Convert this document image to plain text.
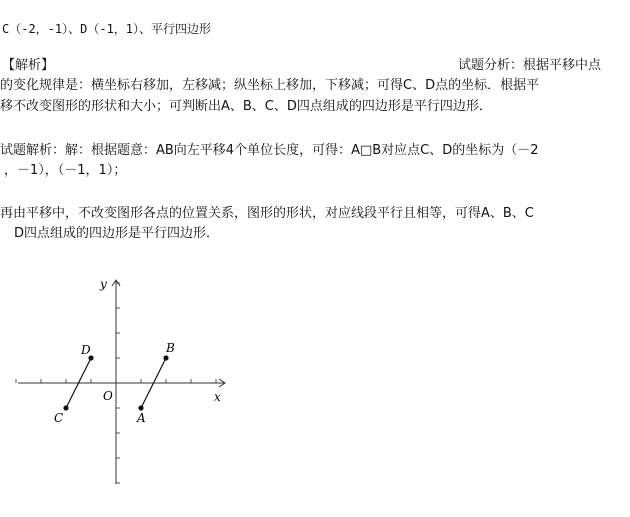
C（-2，-1）、D（-1，1）、平行四边形
【解析】	试题分析：根据平移中点
的变化规律是：横坐标右移加，左移减；纵坐标上移加，下移减；可得C、D点的坐标．根据平
移不改变图形的形状和大小；可判断出A、B、C、D四点组成的四边形是平行四边形．
试题解析：解：根据题意：AB向左平移4个单位长度，可得：A□B对应点C、D的坐标为（－2
，－1），（－1，1）；
再由平移中，不改变图形各点的位置关系，图形的形状，对应线段平行且相等，可得A、B、C
D四点组成的四边形是平行四边形．
x
y
O
A
B
C
D
